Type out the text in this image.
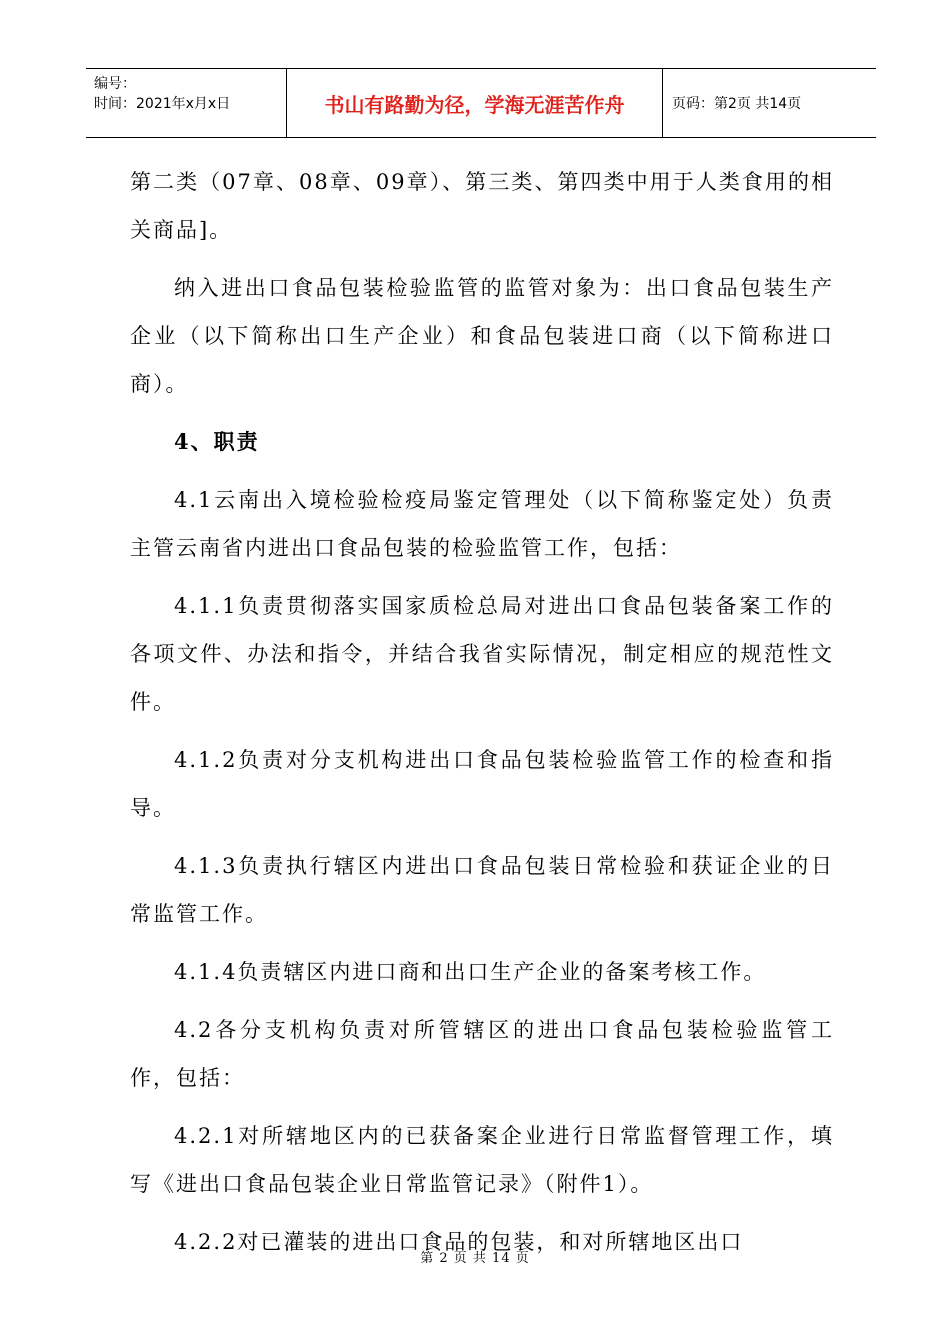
编号：
时间：2021年x月x日	书山有路勤为径，学海无涯苦作舟	页码：第2页 共14页

第二类（07章、08章、09章）、第三类、第四类中用于人类食用的相关商品]。

纳入进出口食品包装检验监管的监管对象为：出口食品包装生产企业（以下简称出口生产企业）和食品包装进口商（以下简称进口商）。

4、职责

4.1云南出入境检验检疫局鉴定管理处（以下简称鉴定处）负责主管云南省内进出口食品包装的检验监管工作，包括：

4.1.1负责贯彻落实国家质检总局对进出口食品包装备案工作的各项文件、办法和指令，并结合我省实际情况，制定相应的规范性文件。

4.1.2负责对分支机构进出口食品包装检验监管工作的检查和指导。

4.1.3负责执行辖区内进出口食品包装日常检验和获证企业的日常监管工作。

4.1.4负责辖区内进口商和出口生产企业的备案考核工作。

4.2各分支机构负责对所管辖区的进出口食品包装检验监管工作，包括：

4.2.1对所辖地区内的已获备案企业进行日常监督管理工作，填写《进出口食品包装企业日常监管记录》（附件1）。

4.2.2对已灌装的进出口食品的包装，和对所辖地区出口

第 2 页 共 14 页
